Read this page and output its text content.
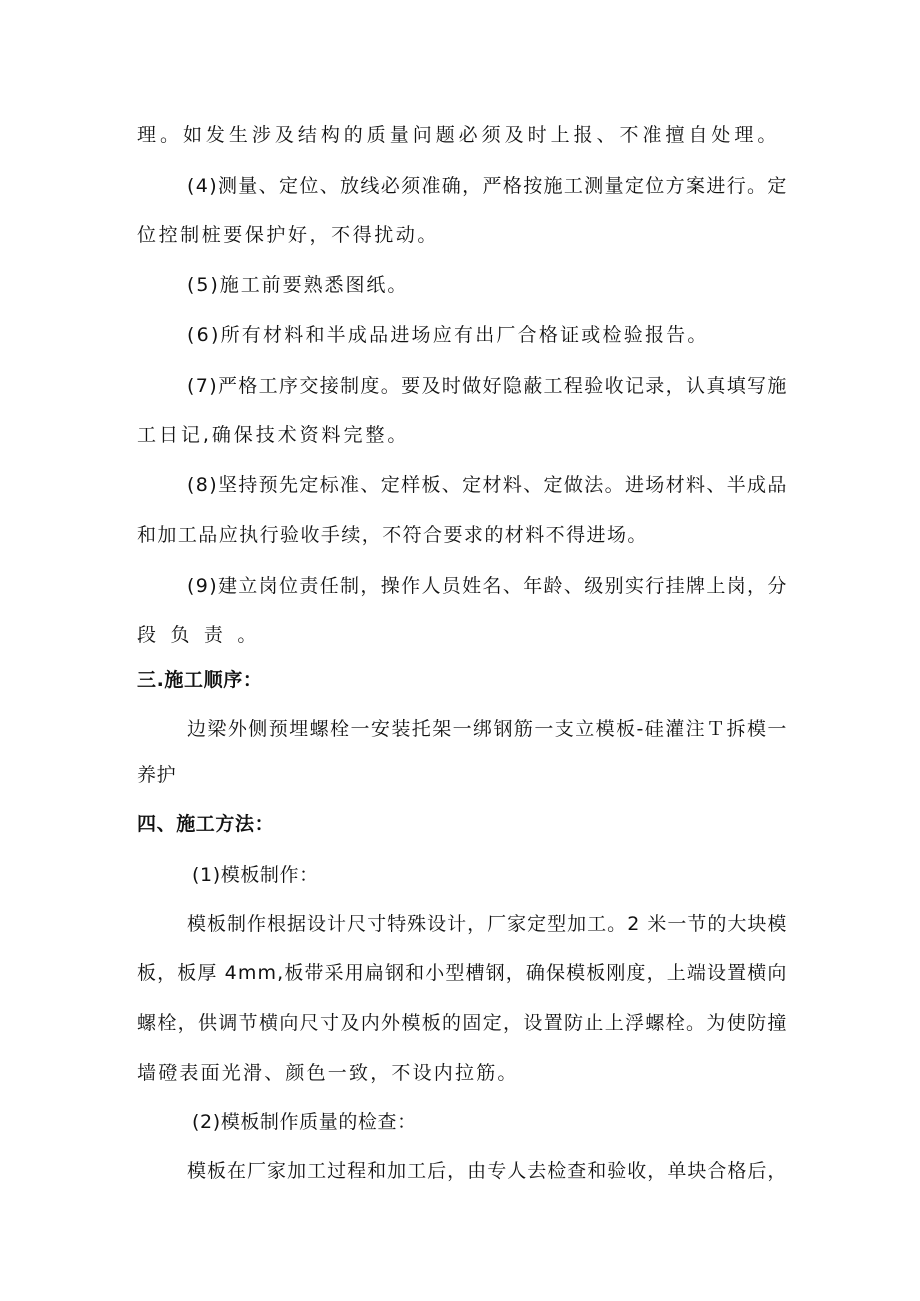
理。如发生涉及结构的质量问题必须及时上报、不准擅自处理。
(4)测量、定位、放线必须准确，严格按施工测量定位方案进行。定
位控制桩要保护好，不得扰动。
(5)施工前要熟悉图纸。
(6)所有材料和半成品进场应有出厂合格证或检验报告。
(7)严格工序交接制度。要及时做好隐蔽工程验收记录，认真填写施
工日记,确保技术资料完整。
(8)坚持预先定标准、定样板、定材料、定做法。进场材料、半成品
和加工品应执行验收手续，不符合要求的材料不得进场。
(9)建立岗位责任制，操作人员姓名、年龄、级别实行挂牌上岗，分
段负责。
三.施工顺序：
边梁外侧预埋螺栓一安装托架一绑钢筋一支立模板-硅灌注Ｔ拆模一
养护
四、施工方法：
(1)模板制作：
模板制作根据设计尺寸特殊设计，厂家定型加工。2 米一节的大块模
板，板厚 4mm,板带采用扁钢和小型槽钢，确保模板刚度，上端设置横向
螺栓，供调节横向尺寸及内外模板的固定，设置防止上浮螺栓。为使防撞
墙磴表面光滑、颜色一致，不设内拉筋。
(2)模板制作质量的检查：
模板在厂家加工过程和加工后，由专人去检查和验收，单块合格后，
